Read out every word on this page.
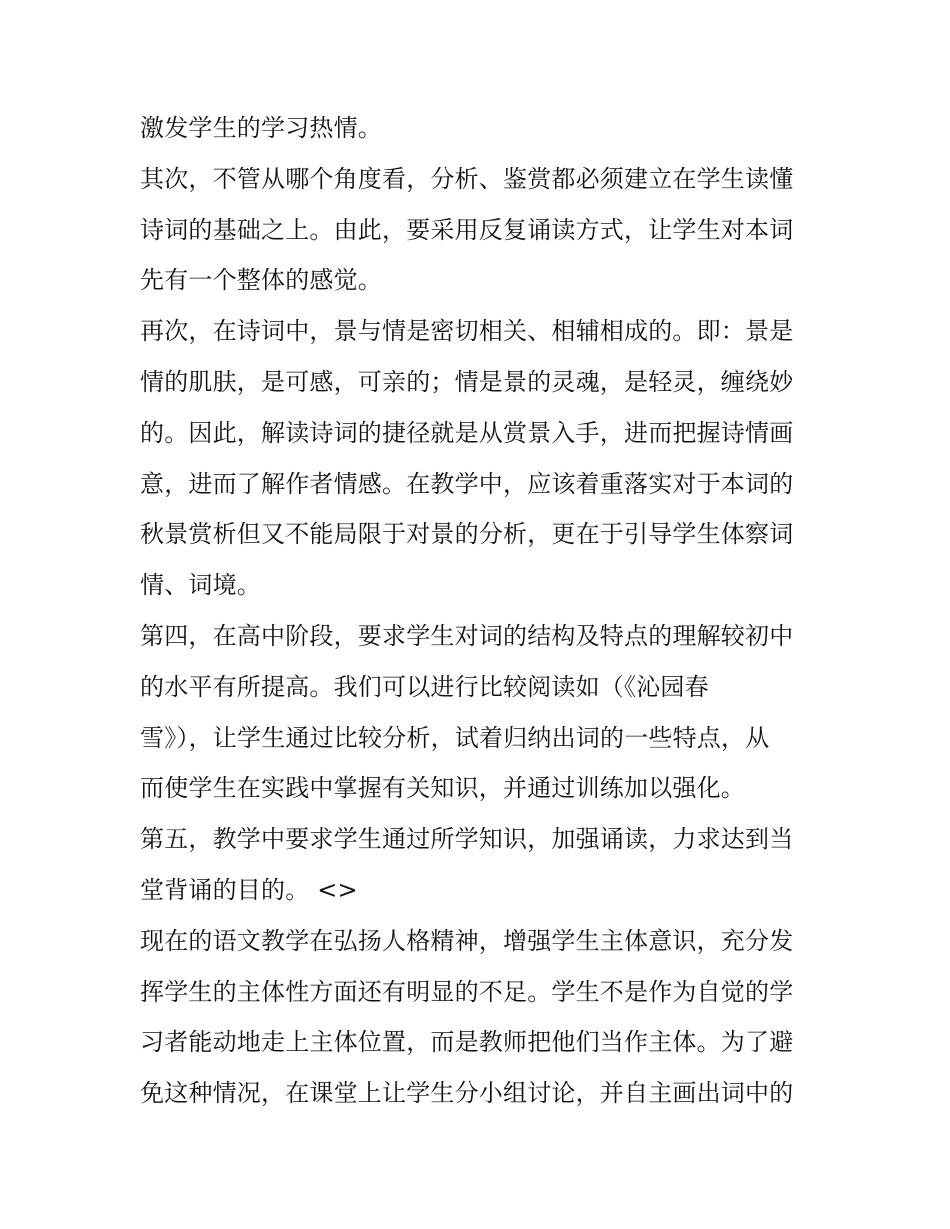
激发学生的学习热情。
其次，不管从哪个角度看，分析、鉴赏都必须建立在学生读懂
诗词的基础之上。由此，要采用反复诵读方式，让学生对本词
先有一个整体的感觉。
再次，在诗词中，景与情是密切相关、相辅相成的。即：景是
情的肌肤，是可感，可亲的；情是景的灵魂，是轻灵，缠绕妙
的。因此，解读诗词的捷径就是从赏景入手，进而把握诗情画
意，进而了解作者情感。在教学中，应该着重落实对于本词的
秋景赏析但又不能局限于对景的分析，更在于引导学生体察词
情、词境。
第四，在高中阶段，要求学生对词的结构及特点的理解较初中
的水平有所提高。我们可以进行比较阅读如（《沁园春
雪》），让学生通过比较分析，试着归纳出词的一些特点，从
而使学生在实践中掌握有关知识，并通过训练加以强化。
第五，教学中要求学生通过所学知识，加强诵读，力求达到当
堂背诵的目的。 <>
现在的语文教学在弘扬人格精神，增强学生主体意识，充分发
挥学生的主体性方面还有明显的不足。学生不是作为自觉的学
习者能动地走上主体位置，而是教师把他们当作主体。为了避
免这种情况，在课堂上让学生分小组讨论，并自主画出词中的
